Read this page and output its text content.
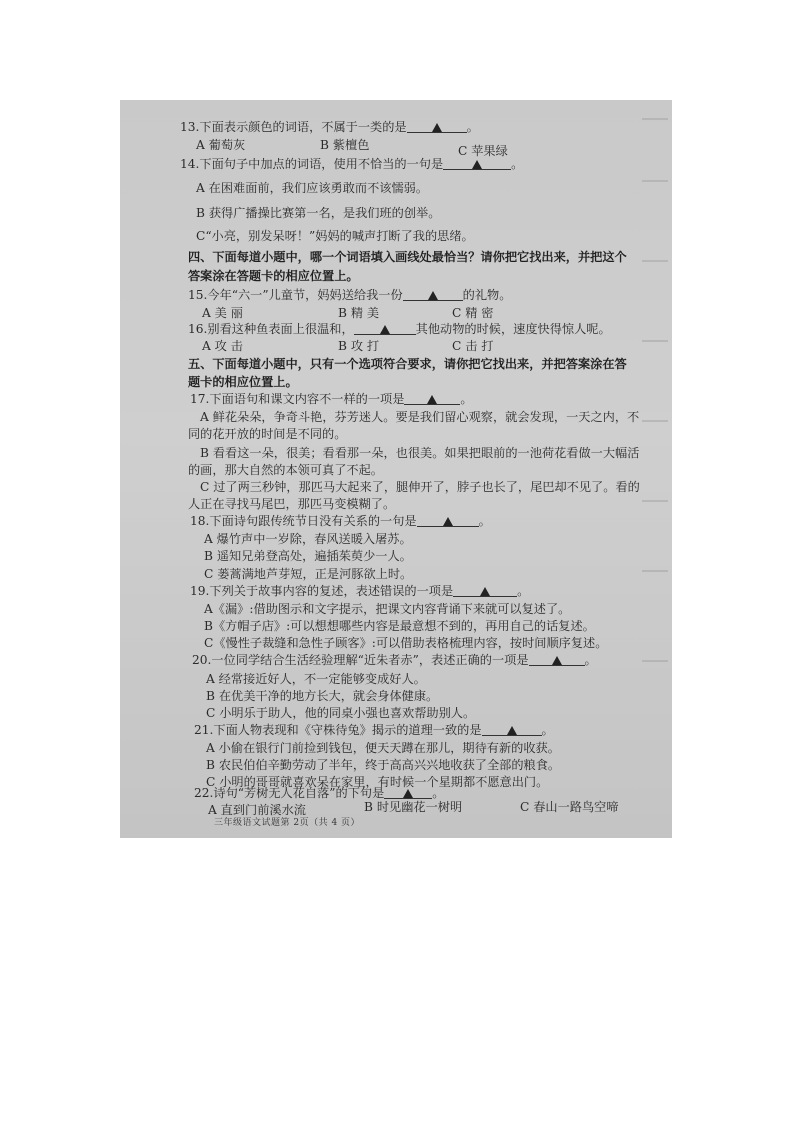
13.下面表示颜色的词语，不属于一类的是	。
A 葡萄灰	B 紫檀色	C 苹果绿
14.下面句子中加点的词语，使用不恰当的一句是	。
A 在困难面前，我们应该勇敢而不该懦弱。
B 获得广播操比赛第一名，是我们班的创举。
C“小亮，别发呆呀！”妈妈的喊声打断了我的思绪。
四、下面每道小题中，哪一个词语填入画线处最恰当？请你把它找出来，并把这个
答案涂在答题卡的相应位置上。
15.今年“六一”儿童节，妈妈送给我一份	的礼物。
A 美 丽	B 精 美	C 精 密
16.别看这种鱼表面上很温和，	其他动物的时候，速度快得惊人呢。
A 攻 击	B 攻 打	C 击 打
五、下面每道小题中，只有一个选项符合要求，请你把它找出来，并把答案涂在答
题卡的相应位置上。
17.下面语句和课文内容不一样的一项是	。
A 鲜花朵朵，争奇斗艳，芬芳迷人。要是我们留心观察，就会发现，一天之内，不
同的花开放的时间是不同的。
B 看看这一朵，很美；看看那一朵，也很美。如果把眼前的一池荷花看做一大幅活
的画，那大自然的本领可真了不起。
C 过了两三秒钟，那匹马大起来了，腿伸开了，脖子也长了，尾巴却不见了。看的
人正在寻找马尾巴，那匹马变模糊了。
18.下面诗句跟传统节日没有关系的一句是	。
A 爆竹声中一岁除，春风送暖入屠苏。
B 遥知兄弟登高处，遍插茱萸少一人。
C 蒌蒿满地芦芽短，正是河豚欲上时。
19.下列关于故事内容的复述，表述错误的一项是	。
A《漏》:借助图示和文字提示，把课文内容背诵下来就可以复述了。
B《方帽子店》:可以想想哪些内容是最意想不到的，再用自己的话复述。
C《慢性子裁缝和急性子顾客》:可以借助表格梳理内容，按时间顺序复述。
20.一位同学结合生活经验理解“近朱者赤”，表述正确的一项是	。
A 经常接近好人，不一定能够变成好人。
B 在优美干净的地方长大，就会身体健康。
C 小明乐于助人，他的同桌小强也喜欢帮助别人。
21.下面人物表现和《守株待兔》揭示的道理一致的是	。
A 小偷在银行门前捡到钱包，便天天蹲在那儿，期待有新的收获。
B 农民伯伯辛勤劳动了半年，终于高高兴兴地收获了全部的粮食。
C 小明的哥哥就喜欢呆在家里，有时候一个星期都不愿意出门。
22.诗句“芳树无人花自落”的下句是	。
A 直到门前溪水流	B 时见幽花一树明	C 春山一路鸟空啼
三年级语文试题第 2页（共 4 页）
